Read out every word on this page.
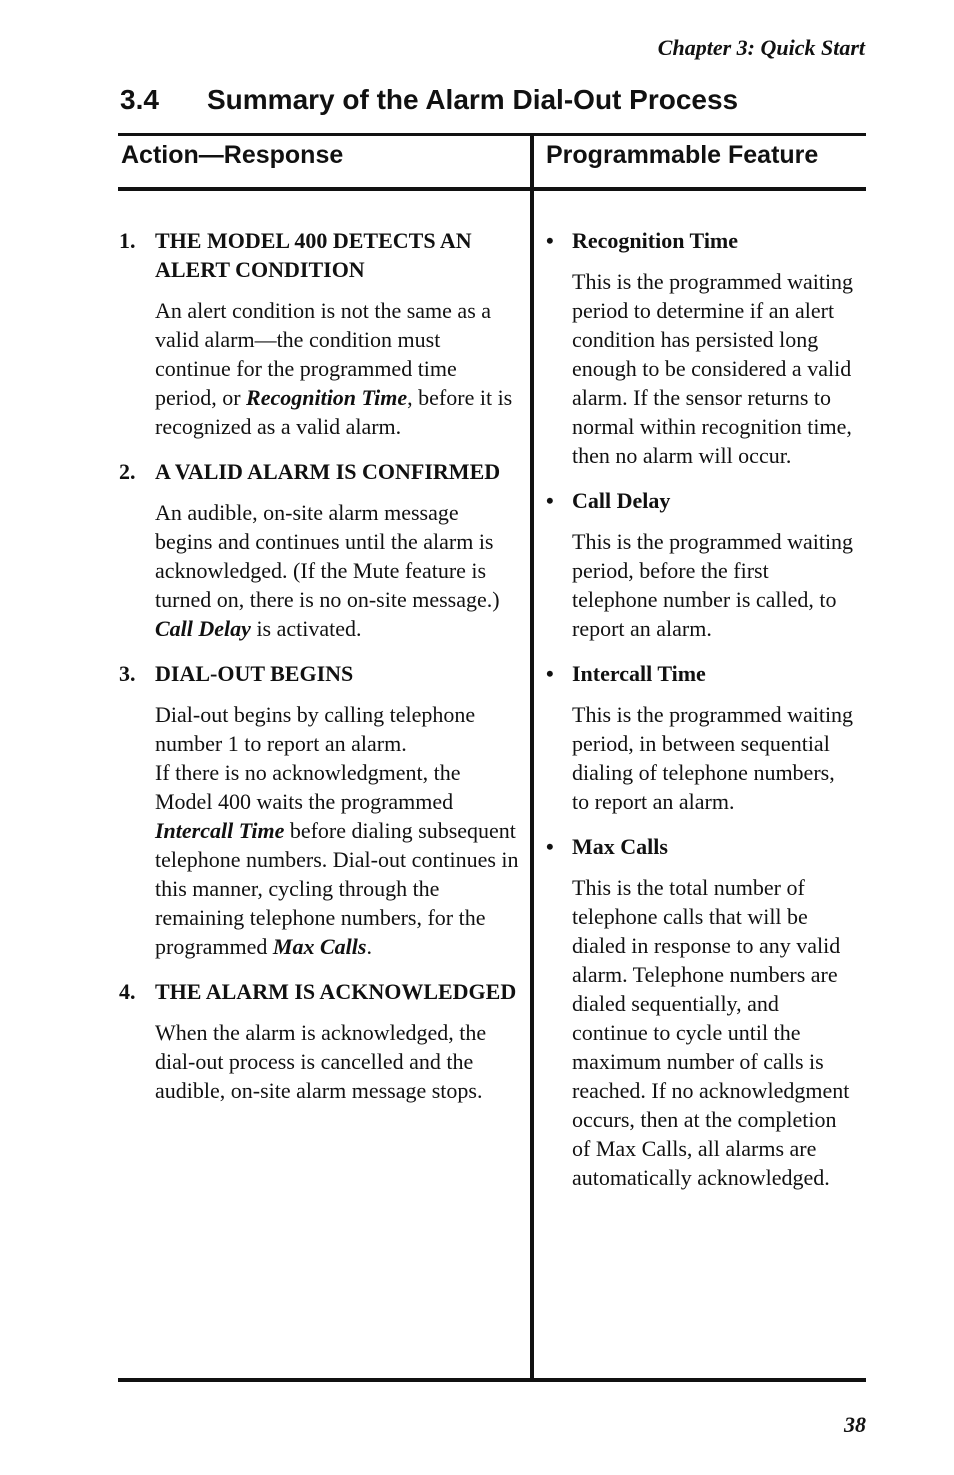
Chapter 3: Quick Start
3.4 Summary of the Alarm Dial-Out Process
Action—Response	Programmable Feature
1. THE MODEL 400 DETECTS AN ALERT CONDITION

An alert condition is not the same as a valid alarm—the condition must continue for the programmed time period, or Recognition Time, before it is recognized as a valid alarm.

2. A VALID ALARM IS CONFIRMED

An audible, on-site alarm message begins and continues until the alarm is acknowledged. (If the Mute feature is turned on, there is no on-site message.) Call Delay is activated.

3. DIAL-OUT BEGINS

Dial-out begins by calling telephone number 1 to report an alarm.

If there is no acknowledgment, the Model 400 waits the programmed Intercall Time before dialing subsequent telephone numbers. Dial-out continues in this manner, cycling through the remaining telephone numbers, for the programmed Max Calls.

4. THE ALARM IS ACKNOWLEDGED

When the alarm is acknowledged, the dial-out process is cancelled and the audible, on-site alarm message stops.

• Recognition Time
This is the programmed waiting period to determine if an alert condition has persisted long enough to be considered a valid alarm. If the sensor returns to normal within recognition time, then no alarm will occur.
• Call Delay
This is the programmed waiting period, before the first telephone number is called, to report an alarm.
• Intercall Time
This is the programmed waiting period, in between sequential dialing of telephone numbers, to report an alarm.
• Max Calls
This is the total number of telephone calls that will be dialed in response to any valid alarm. Telephone numbers are dialed sequentially, and continue to cycle until the maximum number of calls is reached. If no acknowledgment occurs, then at the completion of Max Calls, all alarms are automatically acknowledged.
38
